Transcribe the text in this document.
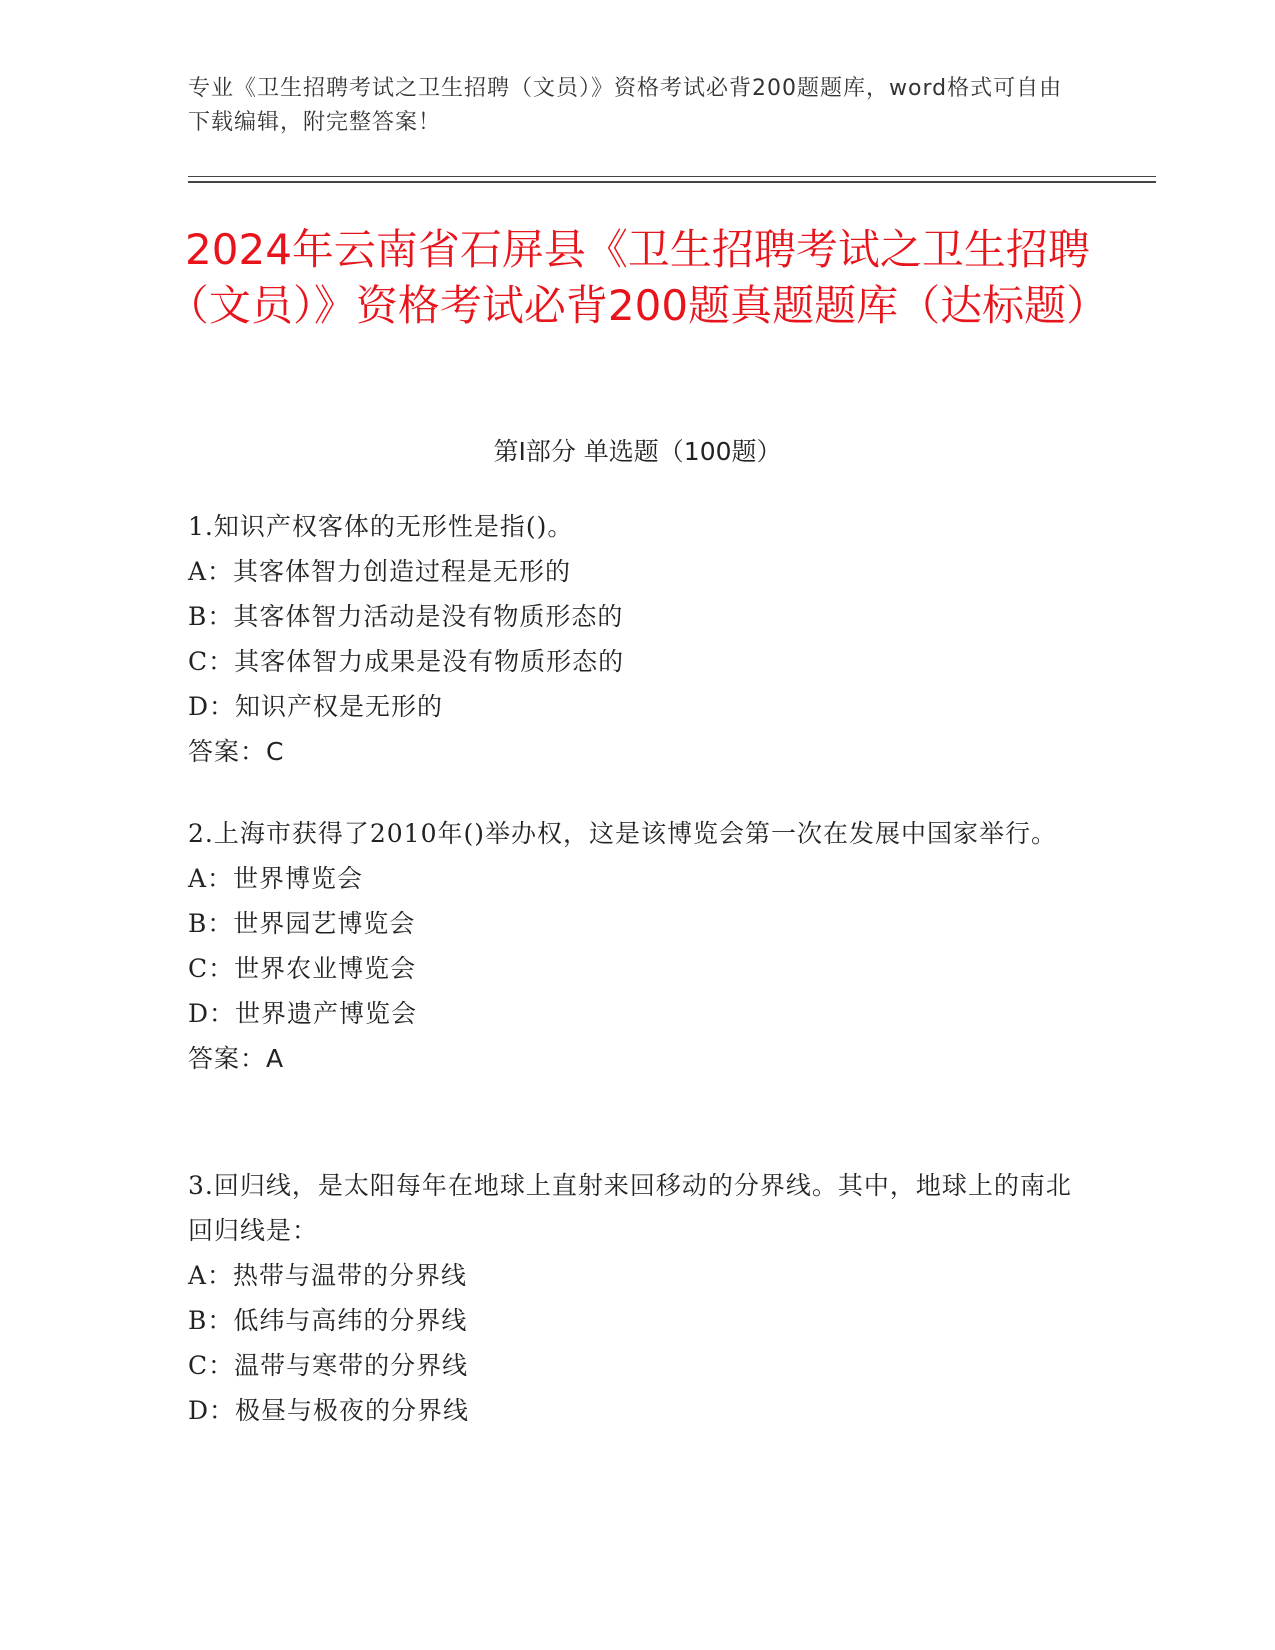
专业《卫生招聘考试之卫生招聘（文员）》资格考试必背200题题库，word格式可自由下载编辑，附完整答案！
2024年云南省石屏县《卫生招聘考试之卫生招聘（文员）》资格考试必背200题真题题库（达标题）
第Ⅰ部分 单选题（100题）
1.知识产权客体的无形性是指()。
A：其客体智力创造过程是无形的
B：其客体智力活动是没有物质形态的
C：其客体智力成果是没有物质形态的
D：知识产权是无形的
答案：C
2.上海市获得了2010年()举办权，这是该博览会第一次在发展中国家举行。
A：世界博览会
B：世界园艺博览会
C：世界农业博览会
D：世界遗产博览会
答案：A
3.回归线，是太阳每年在地球上直射来回移动的分界线。其中，地球上的南北回归线是：
A：热带与温带的分界线
B：低纬与高纬的分界线
C：温带与寒带的分界线
D：极昼与极夜的分界线
